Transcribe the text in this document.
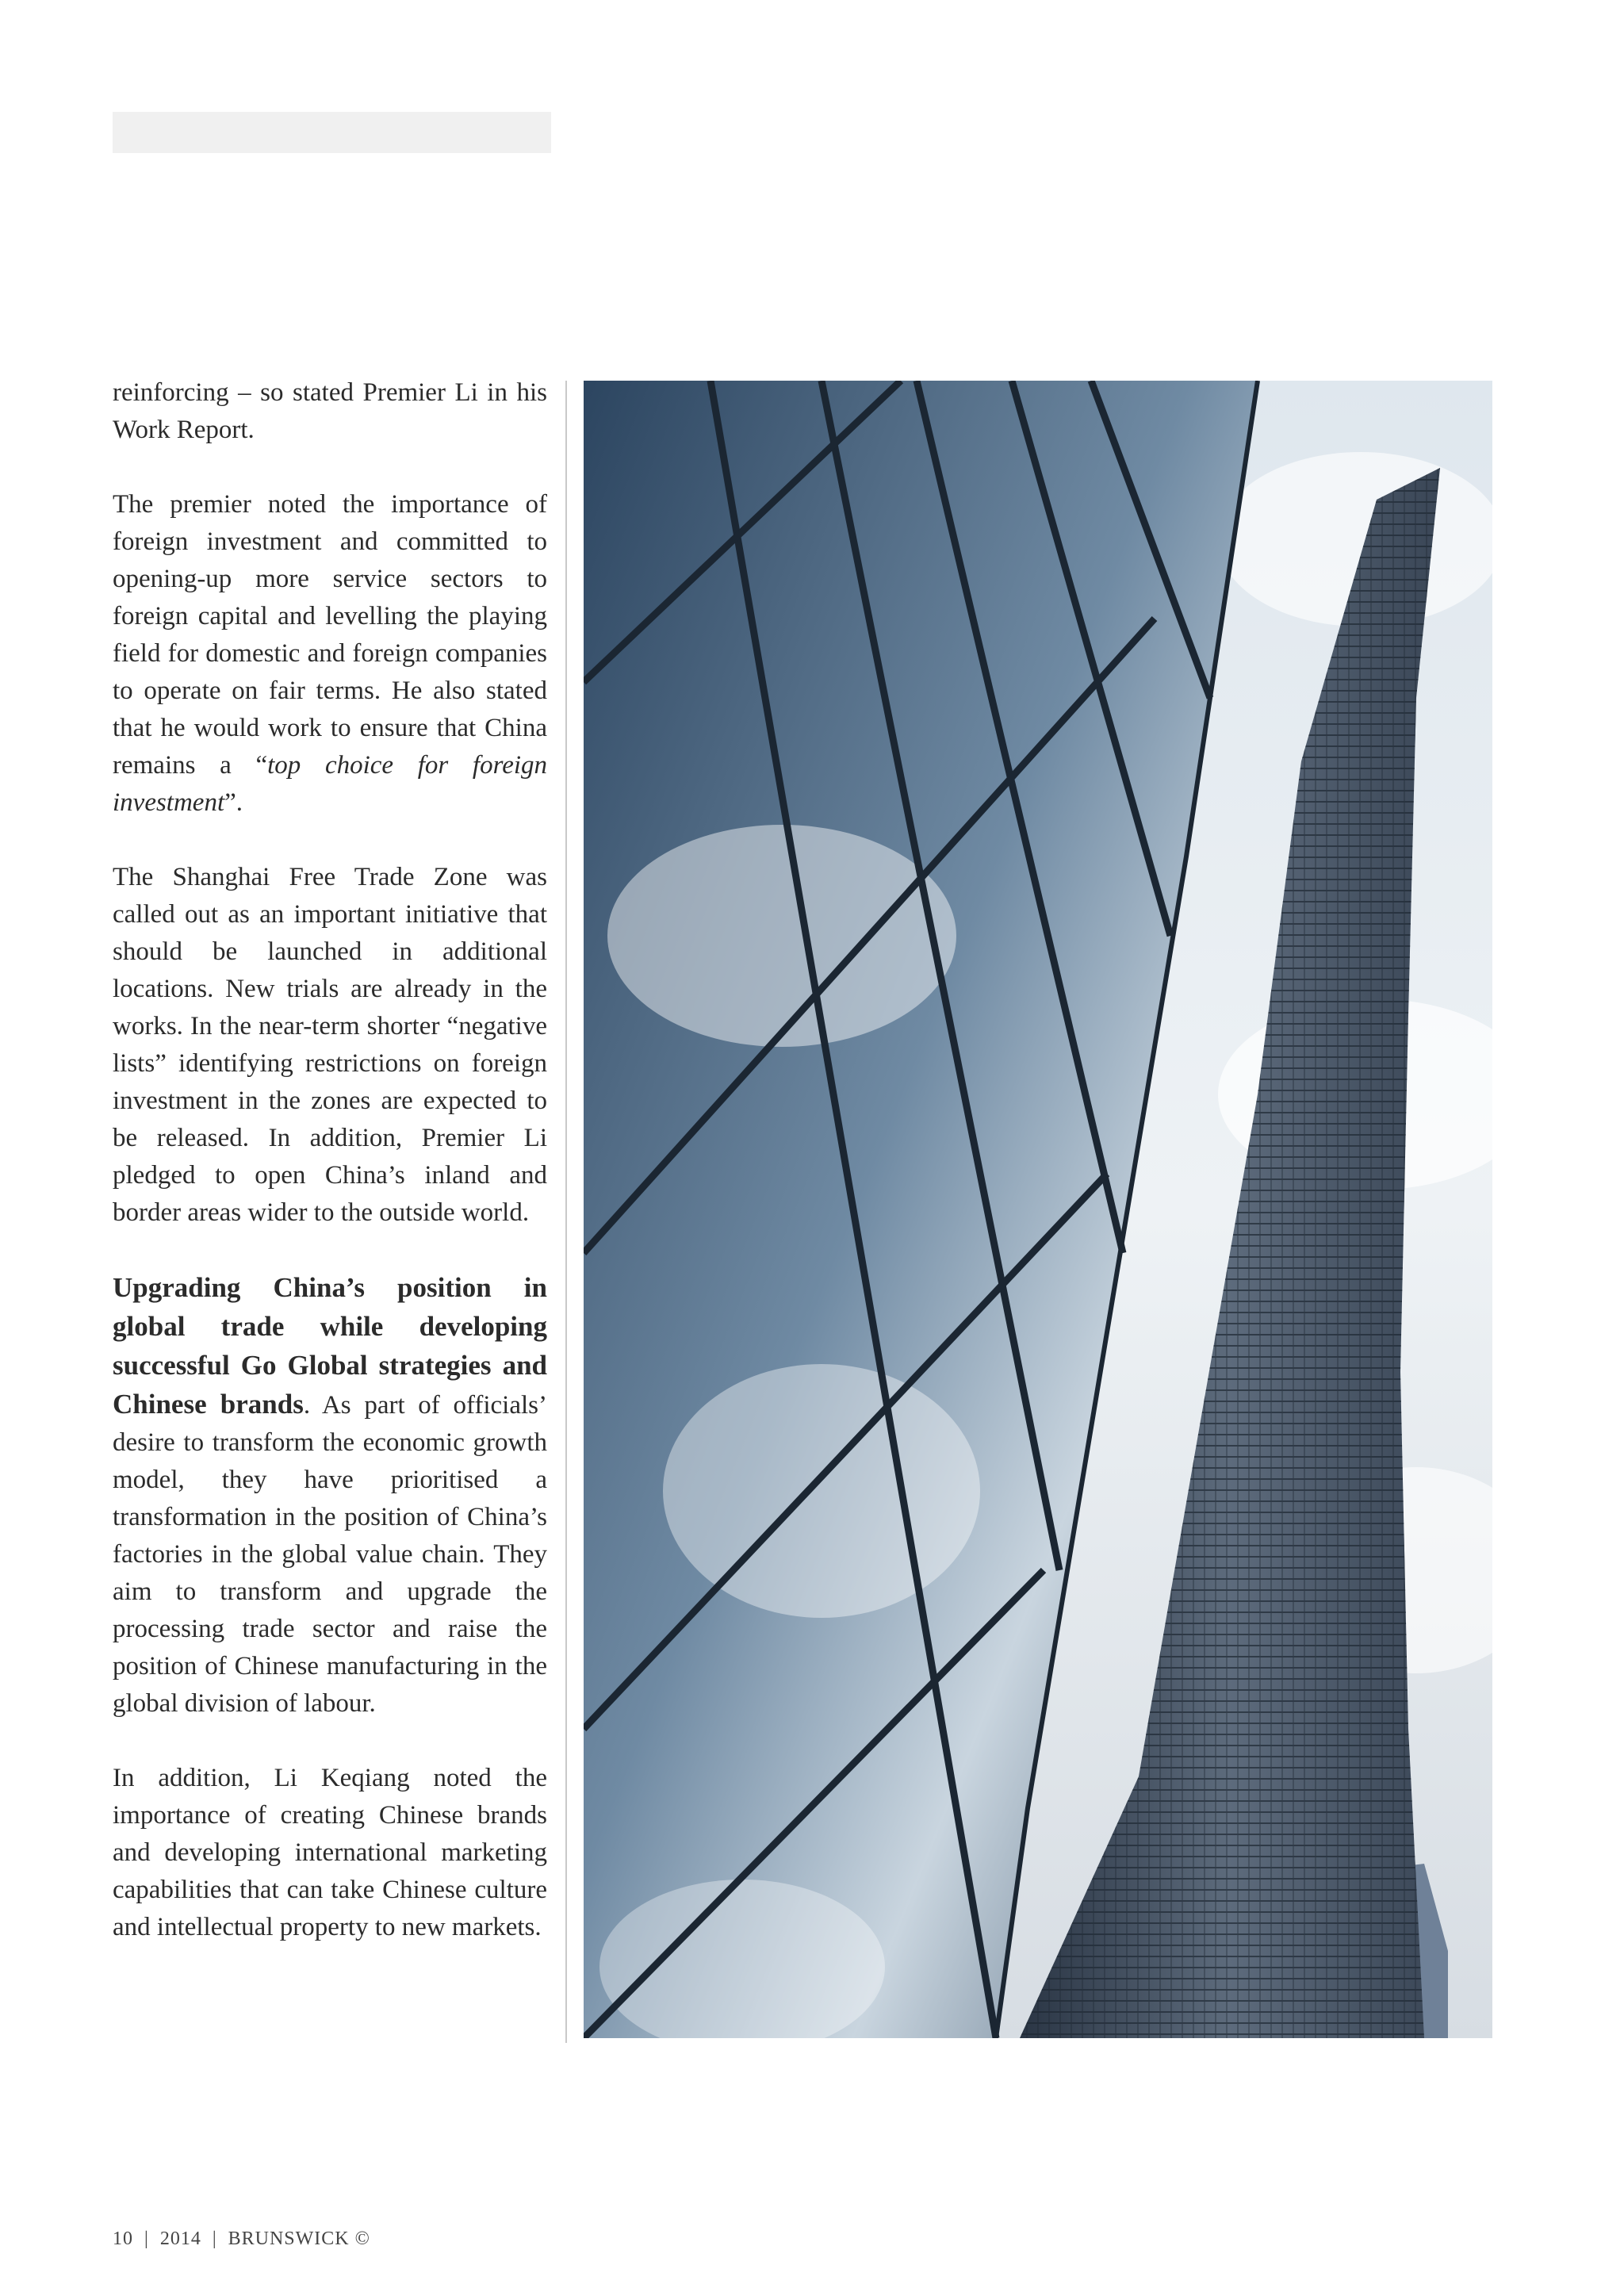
reinforcing – so stated Premier Li in his Work Report.

The premier noted the importance of foreign investment and committed to opening-up more service sectors to foreign capital and levelling the playing field for domestic and foreign companies to operate on fair terms. He also stated that he would work to ensure that China remains a “top choice for foreign investment”.

The Shanghai Free Trade Zone was called out as an important initiative that should be launched in additional locations. New trials are already in the works. In the near-term shorter “negative lists” identifying restrictions on foreign investment in the zones are expected to be released. In addition, Premier Li pledged to open China’s inland and border areas wider to the outside world.

Upgrading China’s position in global trade while developing successful Go Global strategies and Chinese brands. As part of officials’ desire to transform the economic growth model, they have prioritised a transformation in the position of China’s factories in the global value chain. They aim to transform and upgrade the processing trade sector and raise the position of Chinese manufacturing in the global division of labour.

In addition, Li Keqiang noted the importance of creating Chinese brands and developing international marketing capabilities that can take Chinese culture and intellectual property to new markets.

10 | 2014 | BRUNSWICK ©
